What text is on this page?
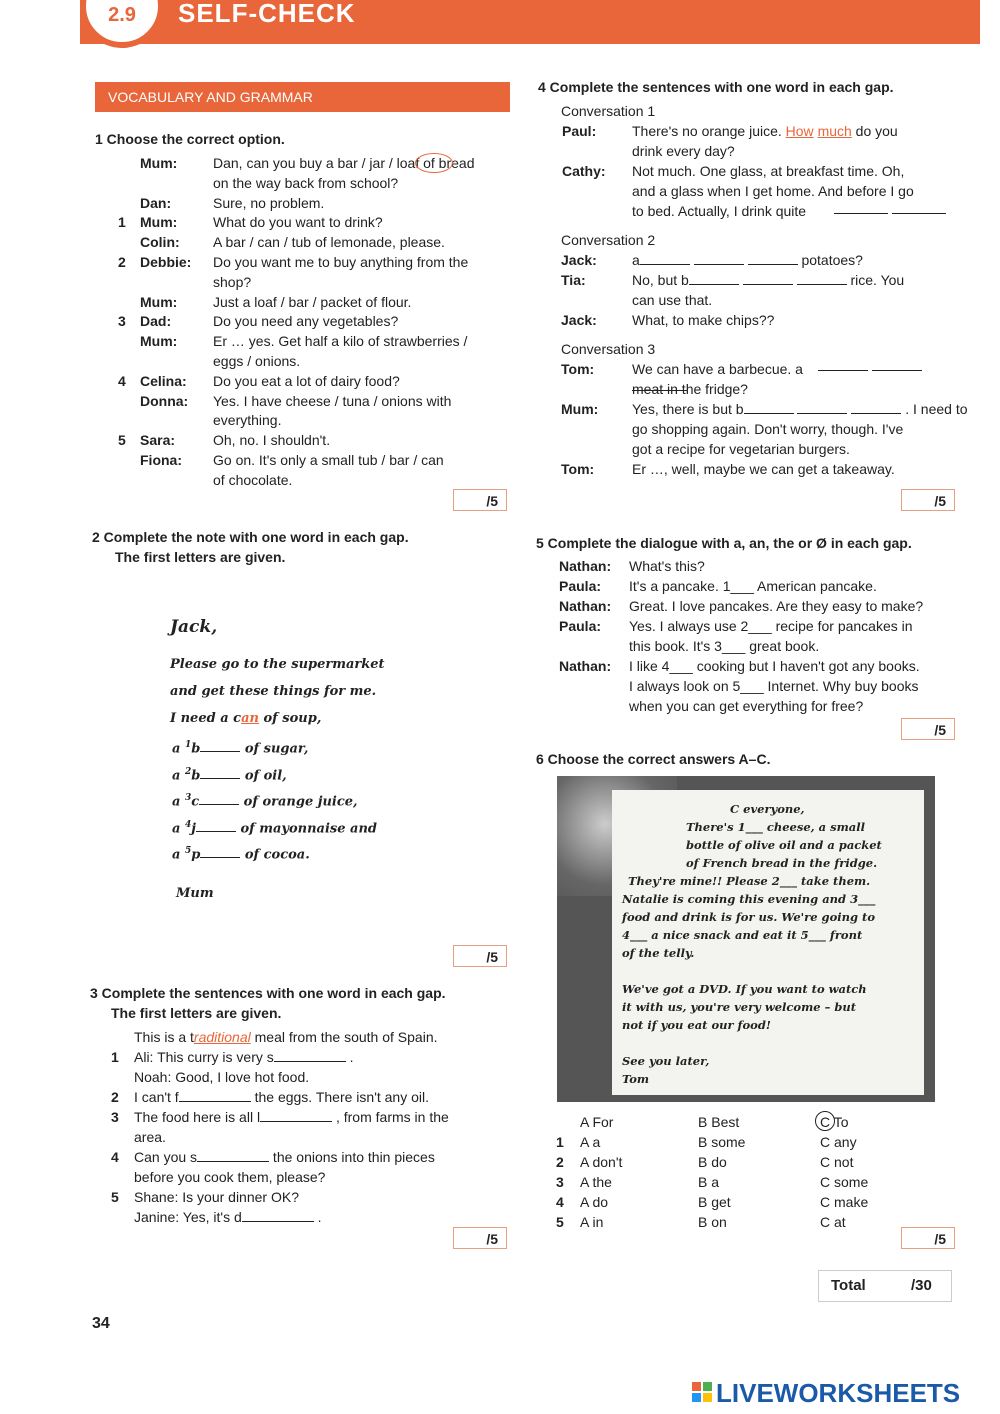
2.9	SELF-CHECK
VOCABULARY AND GRAMMAR
1 Choose the correct option.
Mum:	Dan, can you buy a bar / jar / loaf of bread
on the way back from school?
Dan:	Sure, no problem.
1 Mum:	What do you want to drink?
Colin: A bar / can / tub of lemonade, please.
2 Debbie: Do you want me to buy anything from the
shop?
Mum:	Just a loaf / bar / packet of flour.
3 Dad:	Do you need any vegetables?
Mum:	Er … yes. Get half a kilo of strawberries /
eggs / onions.
4 Celina: Do you eat a lot of dairy food?
Donna: Yes. I have cheese / tuna / onions with
everything.
5 Sara:	Oh, no. I shouldn't.
Fiona: Go on. It's only a small tub / bar / can
of chocolate.
/5
2 Complete the note with one word in each gap.
The first letters are given.
Jack,
Please go to the supermarket
and get these things for me.
I need a can of soup,
a $^1$b	of sugar,
a $^2$b	of oil,
a $^3$c	of orange juice,
a $^4$j	of mayonnaise and
a $^5$p	of cocoa.
Mum
/5
3 Complete the sentences with one word in each gap.
The first letters are given.
This is a traditional meal from the south of Spain.
1 Ali: This curry is very s	.
Noah: Good, I love hot food.
2 I can't f	the eggs. There isn't any oil.
3 The food here is all l	, from farms in the
area.
4 Can you s	the onions into thin pieces
before you cook them, please?
5 Shane: Is your dinner OK?
Janine: Yes, it's d	.
/5
4 Complete the sentences with one word in each gap.
Conversation 1
Paul:	There's no orange juice. How much do you
drink every day?
Cathy: Not much. One glass, at breakfast time. Oh,
and a glass when I get home. And before I go
to bed. Actually, I drink quite

Conversation 2
Jack:	a	potatoes?
Tia:	No, but b	rice. You
can use that.
Jack:	What, to make chips??
Conversation 3
Tom:	We can have a barbecue. a
meat in the fridge?
Mum: Yes, there is but b	. I need to
go shopping again. Don't worry, though. I've
got a recipe for vegetarian burgers.
Tom:	Er …, well, maybe we can get a takeaway.

/5
5 Complete the dialogue with a, an, the or Ø in each gap.
Nathan: What's this?
Paula: It's a pancake. 1___ American pancake.
Nathan: Great. I love pancakes. Are they easy to make?
Paula: Yes. I always use 2___ recipe for pancakes in
this book. It's 3___ great book.
Nathan: I like 4___ cooking but I haven't got any books.
I always look on 5___ Internet. Why buy books
when you can get everything for free?
/5
6 Choose the correct answers A–C.
C everyone,
There's 1___ cheese, a small
bottle of olive oil and a packet
of French bread in the fridge.
They're mine!! Please 2___ take them.
Natalie is coming this evening and 3___
food and drink is for us. We're going to
4___ a nice snack and eat it 5___ front
of the telly.
We've got a DVD. If you want to watch
it with us, you're very welcome – but
not if you eat our food!
See you later,
Tom
A For	B Best	C To
1 A a	B some	C any
2 A don't	B do	C not
3 A the	B a	C some
4 A do	B get	C make
5 A in	B on	C at
/5
Total	/30
34
LIVEWORKSHEETS
